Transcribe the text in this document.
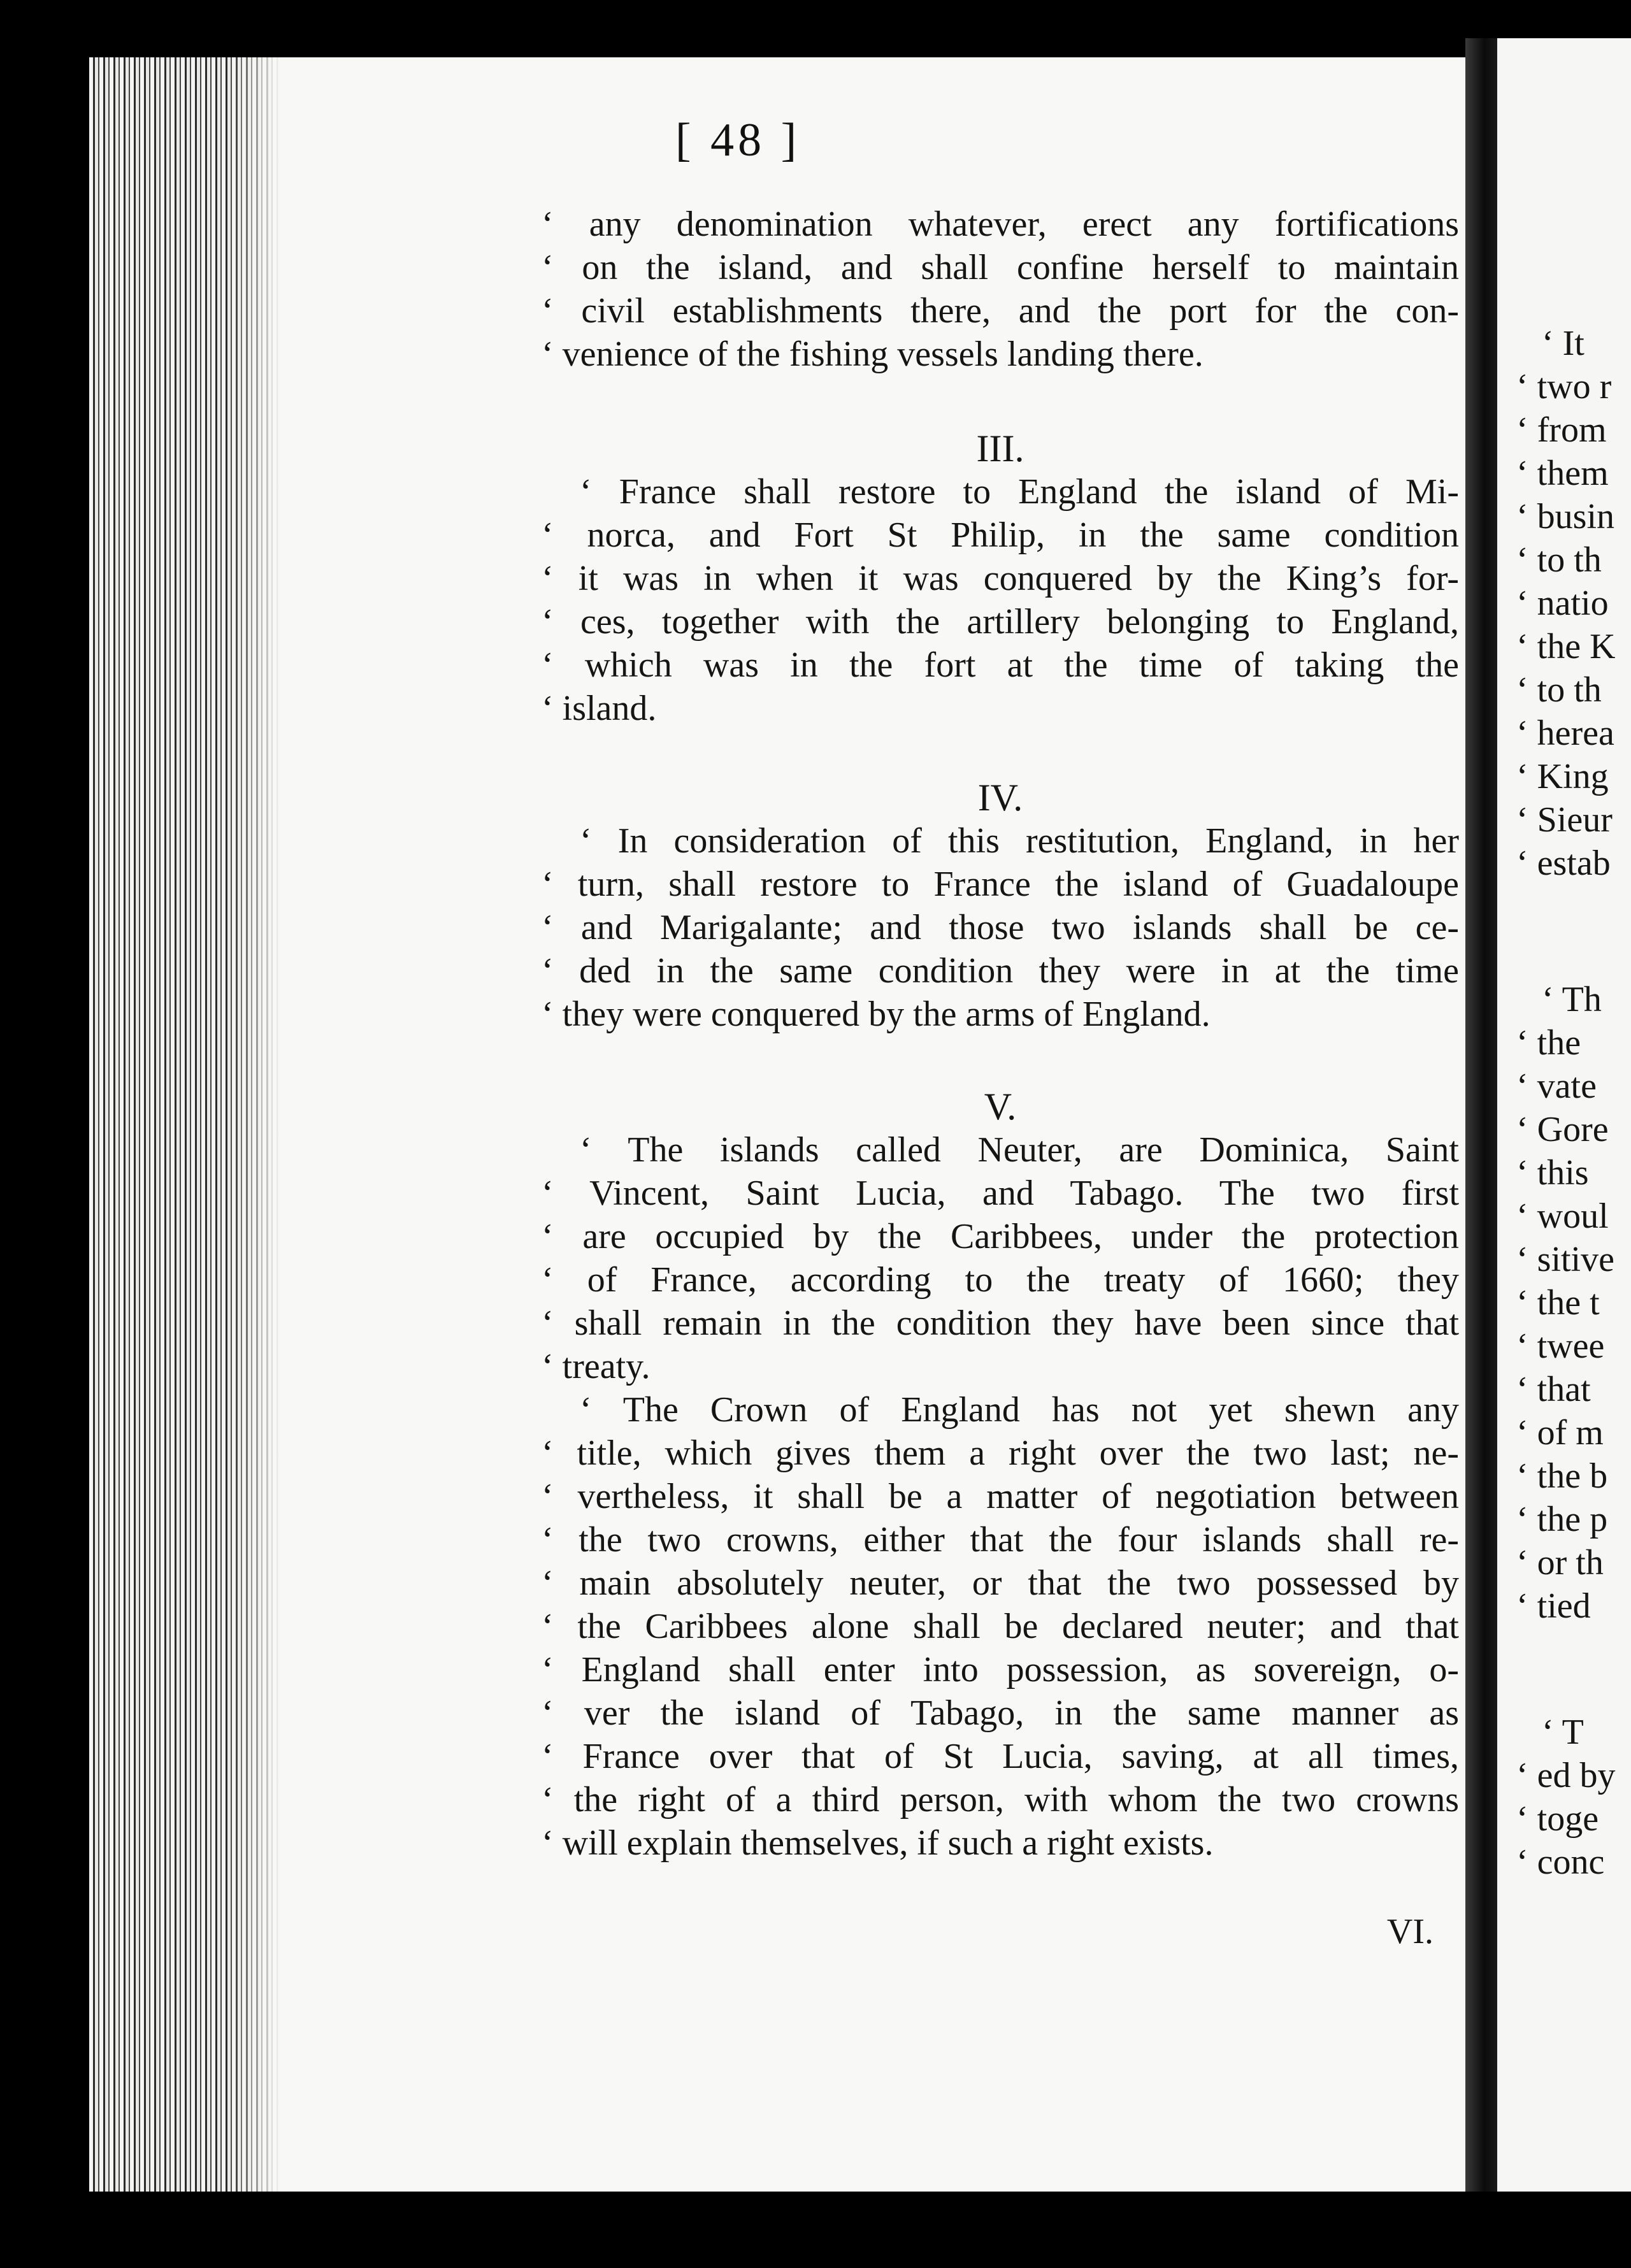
‘ It
‘ two r
‘ from
‘ them
‘ busin
‘ to th
‘ natio
‘ the K
‘ to th
‘ herea
‘ King
‘ Sieur
‘ estab
‘ Th
‘ the
‘ vate
‘ Gore
‘ this
‘ woul
‘ sitive
‘ the t
‘ twee
‘ that
‘ of m
‘ the b
‘ the p
‘ or th
‘ tied
‘ T
‘ ed by
‘ toge
‘ conc
[ 48 ]
‘ any denomination whatever, erect any fortifications
‘ on the island, and shall confine herself to maintain
‘ civil establishments there, and the port for the con-
‘ venience of the fishing vessels landing there.
III.
‘ France shall restore to England the island of Mi-
‘ norca, and Fort St Philip, in the same condition
‘ it was in when it was conquered by the King’s for-
‘ ces, together with the artillery belonging to England,
‘ which was in the fort at the time of taking the
‘ island.
IV.
‘ In consideration of this restitution, England, in her
‘ turn, shall restore to France the island of Guadaloupe
‘ and Marigalante; and those two islands shall be ce-
‘ ded in the same condition they were in at the time
‘ they were conquered by the arms of England.
V.
‘ The islands called Neuter, are Dominica, Saint
‘ Vincent, Saint Lucia, and Tabago. The two first
‘ are occupied by the Caribbees, under the protection
‘ of France, according to the treaty of 1660; they
‘ shall remain in the condition they have been since that
‘ treaty.
‘ The Crown of England has not yet shewn any
‘ title, which gives them a right over the two last; ne-
‘ vertheless, it shall be a matter of negotiation between
‘ the two crowns, either that the four islands shall re-
‘ main absolutely neuter, or that the two possessed by
‘ the Caribbees alone shall be declared neuter; and that
‘ England shall enter into possession, as sovereign, o-
‘ ver the island of Tabago, in the same manner as
‘ France over that of St Lucia, saving, at all times,
‘ the right of a third person, with whom the two crowns
‘ will explain themselves, if such a right exists.
VI.
